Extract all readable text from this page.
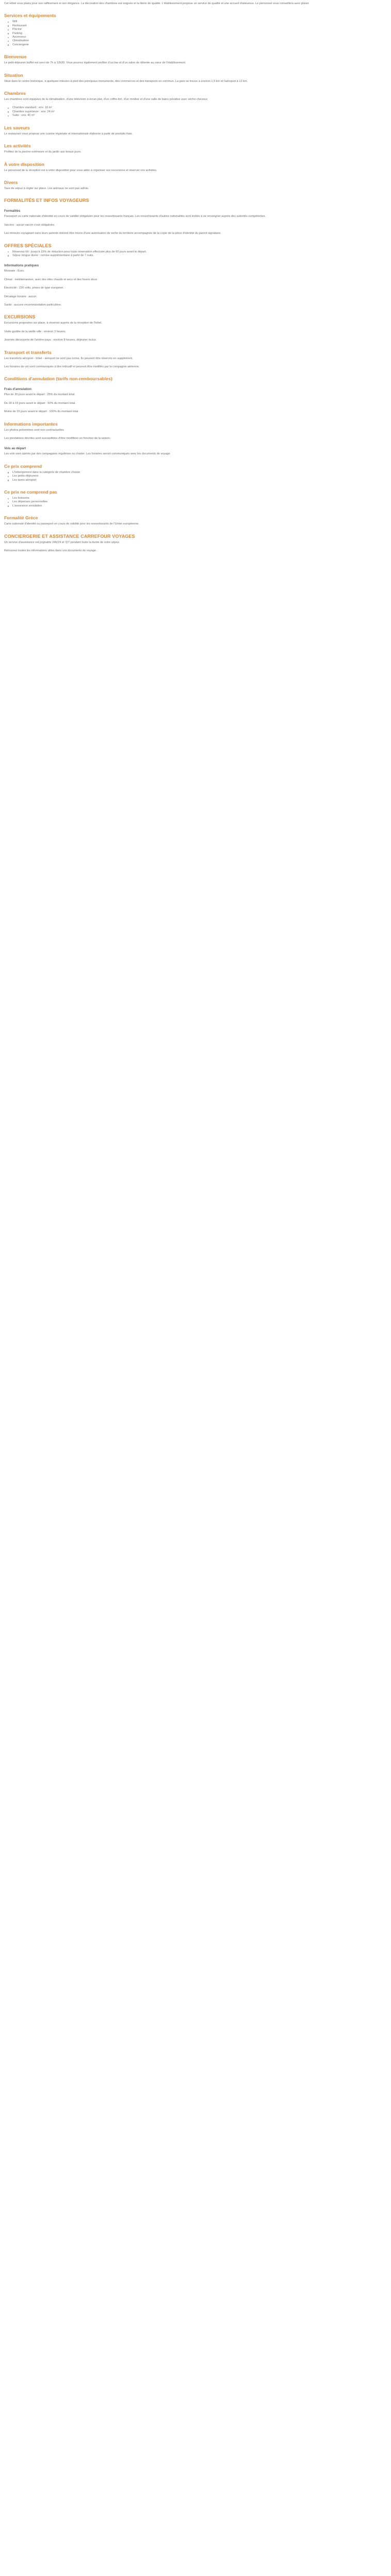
Cet Hôtel vous plaira pour son raffinement et son élégance. La décoration des chambres est soignée et la literie de qualité. L'établissement propose un service de qualité et une accueil chaleureux. Le personnel vous conseillera avec plaisir.

Services et équipements
Wifi
Restaurant
Piscine
Parking
Ascenseur
Climatisation
Conciergerie
Bienvenue

Le petit-déjeuner buffet est servi de 7h à 10h30. Vous pourrez également profiter d'un bar et d'un salon de détente au cœur de l'établissement.

Situation

Situé dans le centre historique, à quelques minutes à pied des principaux monuments, des commerces et des transports en commun. La gare se trouve à environ 1,5 km et l'aéroport à 12 km.

Chambres

Les chambres sont équipées de la climatisation, d'une télévision à écran plat, d'un coffre-fort, d'un minibar et d'une salle de bains privative avec sèche-cheveux.

Chambre standard : env. 18 m²
Chambre supérieure : env. 24 m²
Suite : env. 40 m²
Les saveurs

Le restaurant vous propose une cuisine régionale et internationale élaborée à partir de produits frais.

Les activités

Profitez de la piscine extérieure et du jardin aux beaux jours.

À votre disposition

Le personnel de la réception est à votre disposition pour vous aider à organiser vos excursions et réserver vos activités.

Divers

Taxe de séjour à régler sur place. Les animaux ne sont pas admis.

FORMALITÉS ET INFOS VOYAGEURS
Formalités

Passeport ou carte nationale d'identité en cours de validité obligatoire pour les ressortissants français. Les ressortissants d'autres nationalités sont invités à se renseigner auprès des autorités compétentes.

Vaccins : aucun vaccin n'est obligatoire.

Les mineurs voyageant sans leurs parents doivent être munis d'une autorisation de sortie du territoire accompagnée de la copie de la pièce d'identité du parent signataire.

OFFRES SPÉCIALES
Réservez tôt : jusqu'à 15% de réduction pour toute réservation effectuée plus de 60 jours avant le départ.
Séjour longue durée : remise supplémentaire à partir de 7 nuits.
Informations pratiques

Monnaie : Euro.

Climat : méditerranéen, avec des étés chauds et secs et des hivers doux.

Électricité : 220 volts, prises de type européen.

Décalage horaire : aucun.

Santé : aucune recommandation particulière.

EXCURSIONS

Excursions proposées sur place, à réserver auprès de la réception de l'hôtel.

Visite guidée de la vieille ville : environ 3 heures.

Journée découverte de l'arrière-pays : environ 8 heures, déjeuner inclus.

Transport et transferts

Les transferts aéroport - hôtel - aéroport ne sont pas inclus. Ils peuvent être réservés en supplément.

Les horaires de vol sont communiqués à titre indicatif et peuvent être modifiés par la compagnie aérienne.

Conditions d'annulation (tarifs non-remboursables)
Frais d'annulation

Plus de 30 jours avant le départ : 25% du montant total.

De 30 à 15 jours avant le départ : 50% du montant total.

Moins de 15 jours avant le départ : 100% du montant total.

Informations importantes

Les photos présentées sont non contractuelles.

Les prestations décrites sont susceptibles d'être modifiées en fonction de la saison.

Vols au départ

Les vols sont opérés par des compagnies régulières ou charter. Les horaires seront communiqués avec les documents de voyage.

Ce prix comprend
L'hébergement dans la catégorie de chambre choisie
Les petits-déjeuners
Les taxes aéroport
Ce prix ne comprend pas
Les boissons
Les dépenses personnelles
L'assurance annulation
Formalité Grèce

Carte nationale d'identité ou passeport en cours de validité pour les ressortissants de l'Union européenne.

CONCIERGERIE ET ASSISTANCE CARREFOUR VOYAGES

Un service d'assistance est joignable 24h/24 et 7j/7 pendant toute la durée de votre séjour.

Retrouvez toutes les informations utiles dans vos documents de voyage.
